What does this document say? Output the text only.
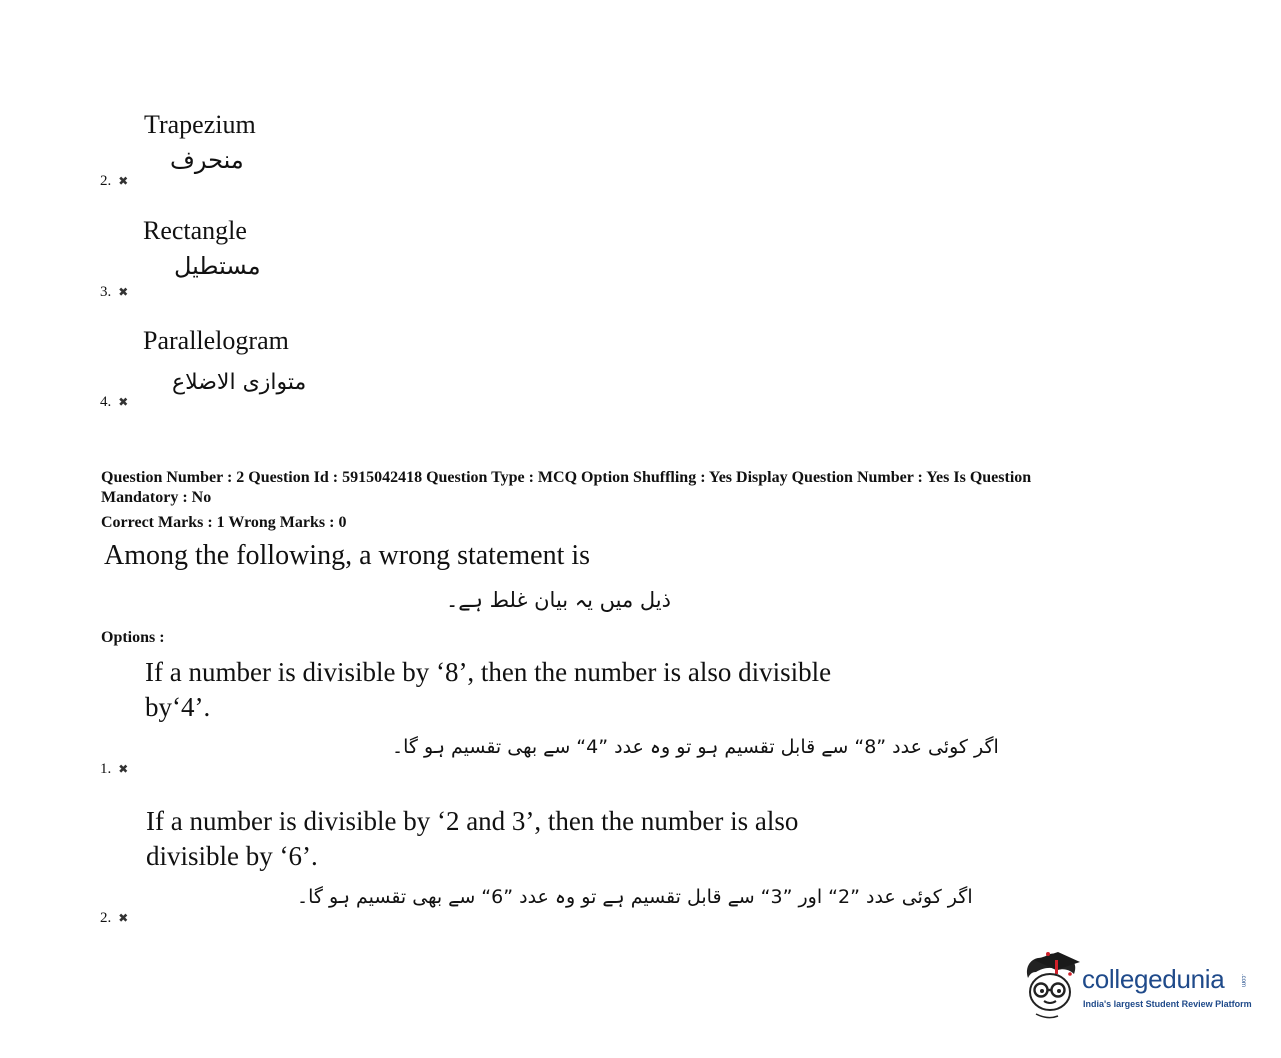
Trapezium
منحرف
2. ✖
Rectangle
مستطیل
3. ✖
Parallelogram
متوازی الاضلاع
4. ✖
Question Number : 2 Question Id : 5915042418 Question Type : MCQ Option Shuffling : Yes Display Question Number : Yes Is Question
Mandatory : No
Correct Marks : 1 Wrong Marks : 0
Among the following, a wrong statement is
ذیل میں یہ بیان غلط ہے۔
Options :
If a number is divisible by ‘8’, then the number is also divisible
by‘4’.
اگر کوئی عدد ”8“ سے قابل تقسیم ہو تو وہ عدد ”4“ سے بھی تقسیم ہو گا۔
1. ✖
If a number is divisible by ‘2 and 3’, then the number is also
divisible by ‘6’.
اگر کوئی عدد ”2“ اور ”3“ سے قابل تقسیم ہے تو وہ عدد ”6“ سے بھی تقسیم ہو گا۔
2. ✖
collegedunia	.com
India's largest Student Review Platform
